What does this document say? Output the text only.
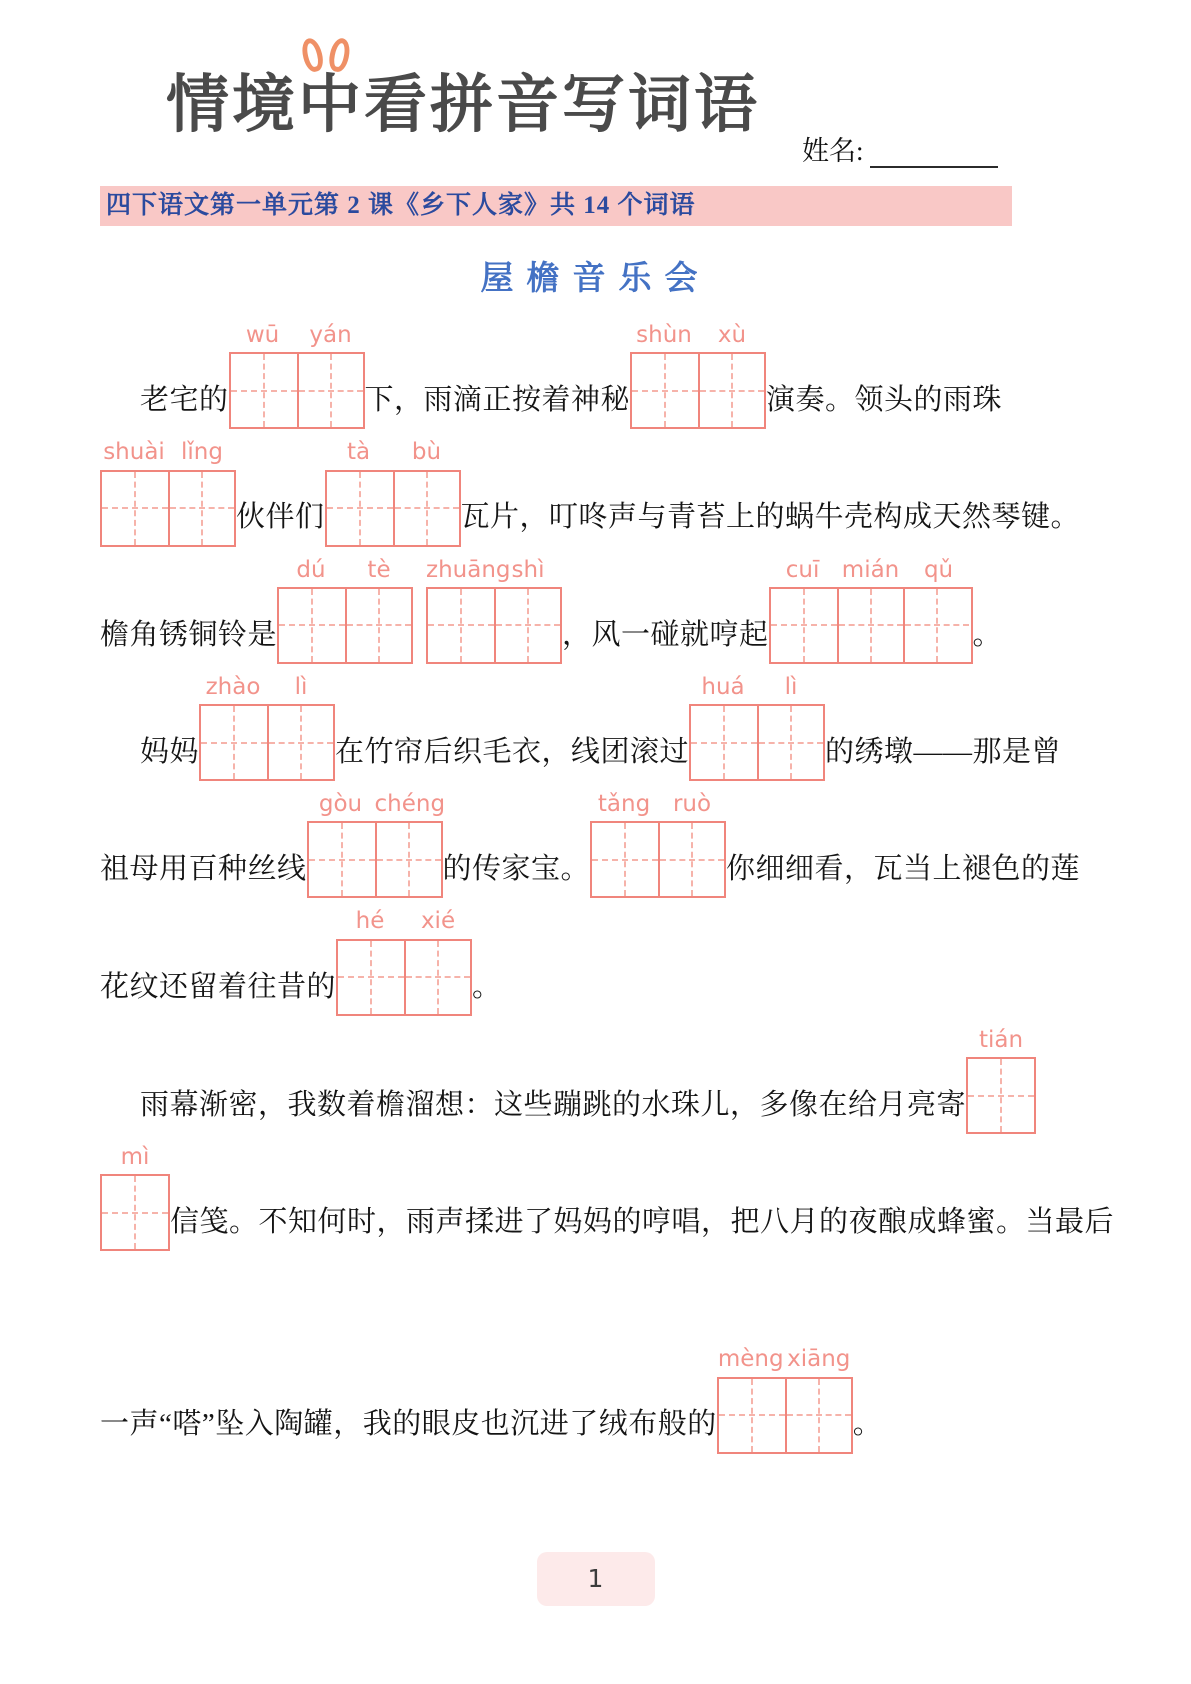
情境
中看拼音写词语
姓名:
四下语文第一单元第 2 课《乡下人家》共 14 个词语
屋檐音乐会
老宅的
wū	yán
下，雨滴正按着神秘
shùn	xù
演奏。领头的雨珠
shuài lǐng
伙伴们
tà	bù
瓦片，叮咚声与青苔上的蜗牛壳构成天然琴键。
檐角锈铜铃是
dú	tè	zhuāng shì
，风一碰就哼起
cuī mián	qǔ
。
妈妈
zhào	lì
在竹帘后织毛衣，线团滚过
huá	lì
的绣墩——那是曾
祖母用百种丝线
gòu chéng
的传家宝。
tǎng ruò
你细细看，瓦当上褪色的莲
花纹还留着往昔的
hé	xié
。
雨幕渐密，我数着檐溜想：这些蹦跳的水珠儿，多像在给月亮寄
tián
mì
信笺。不知何时，雨声揉进了妈妈的哼唱，把八月的夜酿成蜂蜜。当最后
一声“嗒”坠入陶罐，我的眼皮也沉进了绒布般的
mèng xiāng
。
1
